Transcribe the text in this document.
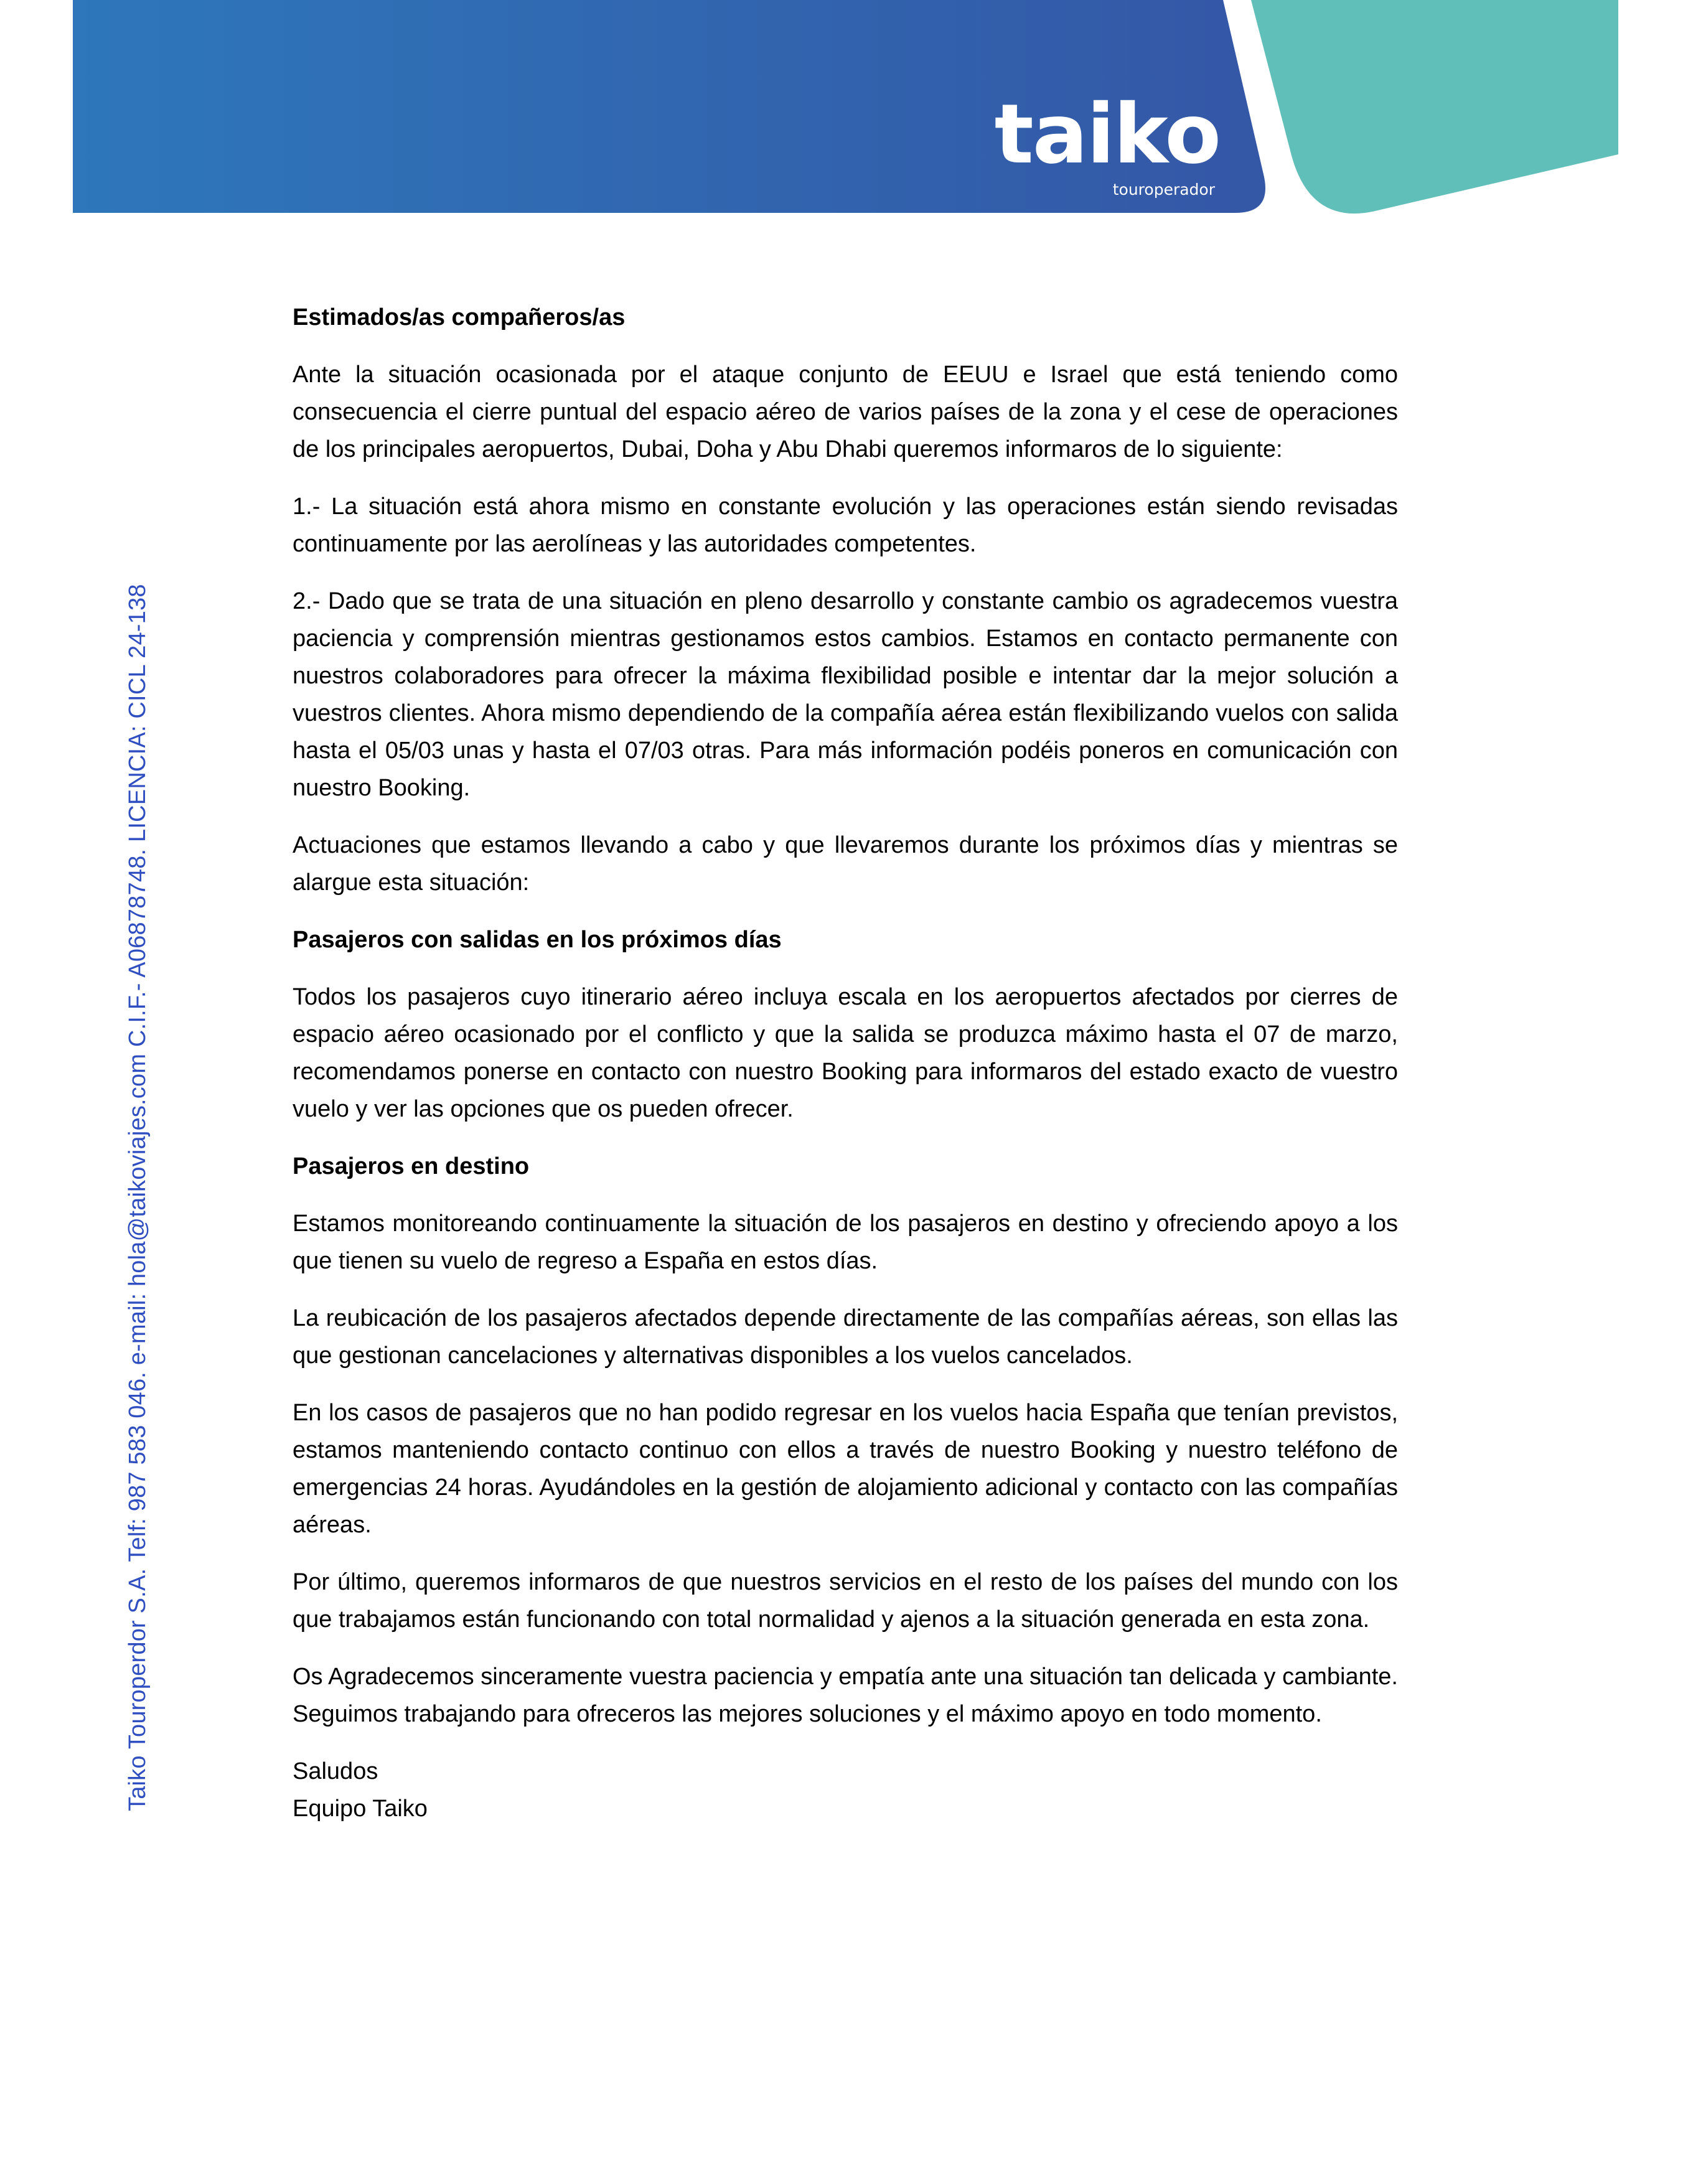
taiko
touroperador
Taiko Touroperdor S.A. Telf: 987 583 046. e-mail: hola@taikoviajes.com C.I.F.- A06878748. LICENCIA: CICL 24-138
Estimados/as compañeros/as

Ante la situación ocasionada por el ataque conjunto de EEUU e Israel que está teniendo como consecuencia el cierre puntual del espacio aéreo de varios países de la zona y el cese de operaciones de los principales aeropuertos, Dubai, Doha y Abu Dhabi queremos informaros de lo siguiente:

1.- La situación está ahora mismo en constante evolución y las operaciones están siendo revisadas continuamente por las aerolíneas y las autoridades competentes.

2.- Dado que se trata de una situación en pleno desarrollo y constante cambio os agradecemos vuestra paciencia y comprensión mientras gestionamos estos cambios. Estamos en contacto permanente con nuestros colaboradores para ofrecer la máxima flexibilidad posible e intentar dar la mejor solución a vuestros clientes. Ahora mismo dependiendo de la compañía aérea están flexibilizando vuelos con salida hasta el 05/03 unas y hasta el 07/03 otras. Para más información podéis poneros en comunicación con nuestro Booking.

Actuaciones que estamos llevando a cabo y que llevaremos durante los próximos días y mientras se alargue esta situación:

Pasajeros con salidas en los próximos días

Todos los pasajeros cuyo itinerario aéreo incluya escala en los aeropuertos afectados por cierres de espacio aéreo ocasionado por el conflicto y que la salida se produzca máximo hasta el 07 de marzo, recomendamos ponerse en contacto con nuestro Booking para informaros del estado exacto de vuestro vuelo y ver las opciones que os pueden ofrecer.

Pasajeros en destino

Estamos monitoreando continuamente la situación de los pasajeros en destino y ofreciendo apoyo a los que tienen su vuelo de regreso a España en estos días.

La reubicación de los pasajeros afectados depende directamente de las compañías aéreas, son ellas las que gestionan cancelaciones y alternativas disponibles a los vuelos cancelados.

En los casos de pasajeros que no han podido regresar en los vuelos hacia España que tenían previstos, estamos manteniendo contacto continuo con ellos a través de nuestro Booking y nuestro teléfono de emergencias 24 horas. Ayudándoles en la gestión de alojamiento adicional y contacto con las compañías aéreas.

Por último, queremos informaros de que nuestros servicios en el resto de los países del mundo con los que trabajamos están funcionando con total normalidad y ajenos a la situación generada en esta zona.

Os Agradecemos sinceramente vuestra paciencia y empatía ante una situación tan delicada y cambiante. Seguimos trabajando para ofreceros las mejores soluciones y el máximo apoyo en todo momento.

Saludos

Equipo Taiko
